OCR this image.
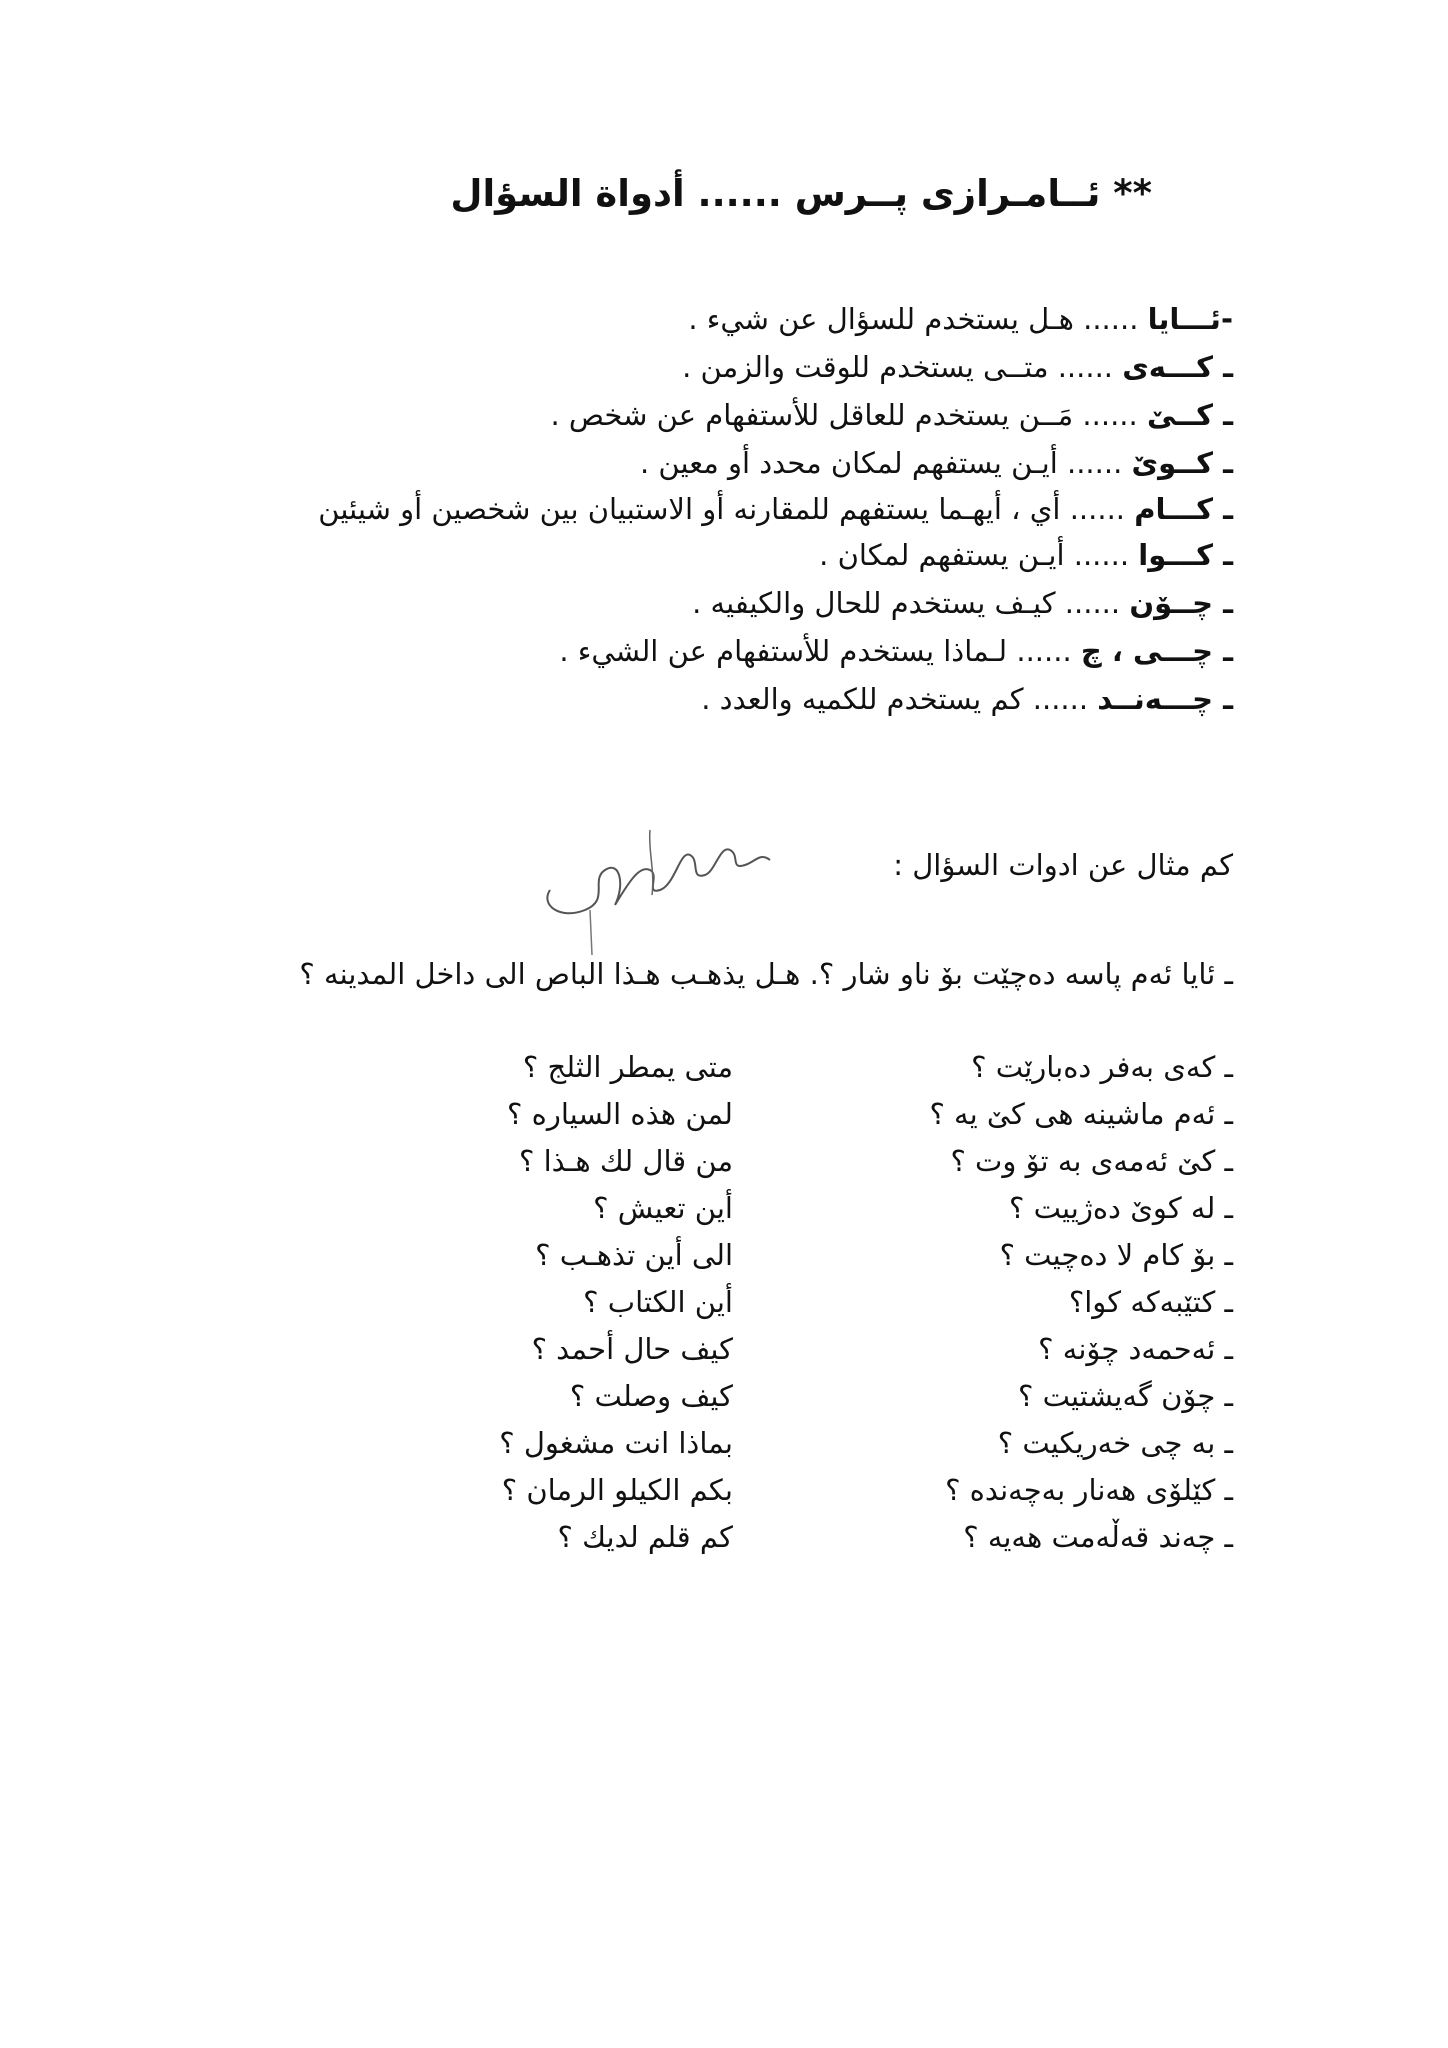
** ئــامـرازى پــرس ...... أدواة السؤال
-ئـــايا ...... هـل يستخدم للسؤال عن شيء .
ـ كـــەى ...... متــى يستخدم للوقت والزمن .
ـ كــێ ...... مَــن يستخدم للعاقل للأستفهام عن شخص .
ـ كــوێ ...... أيـن يستفهم لمكان محدد أو معين .
ـ كـــام ...... أي ، أيهـما يستفهم للمقارنه أو الاستبيان بين شخصين أو شيئين
ـ كـــوا ...... أيـن يستفهم لمكان .
ـ چــۆن ...... كيـف يستخدم للحال والكيفيه .
ـ چـــى ، چ ...... لـماذا يستخدم للأستفهام عن الشيء .
ـ چـــەنــد ...... كم يستخدم للكميه والعدد .
كم مثال عن ادوات السؤال :
ـ ئايا ئەم پاسە دەچێت بۆ ناو شار ؟. هـل يذهـب هـذا الباص الى داخل المدينه ؟
ـ كەى بەفر دەبارێت ؟
متى يمطر الثلج ؟
ـ ئەم ماشينە هى كێ يە ؟
لمن هذه السياره ؟
ـ كێ ئەمەى بە تۆ وت ؟
من قال لك هـذا ؟
ـ لە كوێ دەژييت ؟
أين تعيش ؟
ـ بۆ كام لا دەچيت ؟
الى أين تذهـب ؟
ـ كتێبەكە كوا؟
أين الكتاب ؟
ـ ئەحمەد چۆنە ؟
كيف حال أحمد ؟
ـ چۆن گەيشتيت ؟
كيف وصلت ؟
ـ بە چى خەريكيت ؟
بماذا انت مشغول ؟
ـ كێلۆى هەنار بەچەندە ؟
بكم الكيلو الرمان ؟
ـ چەند قەڵەمت هەيە ؟
كم قلم لديك ؟
